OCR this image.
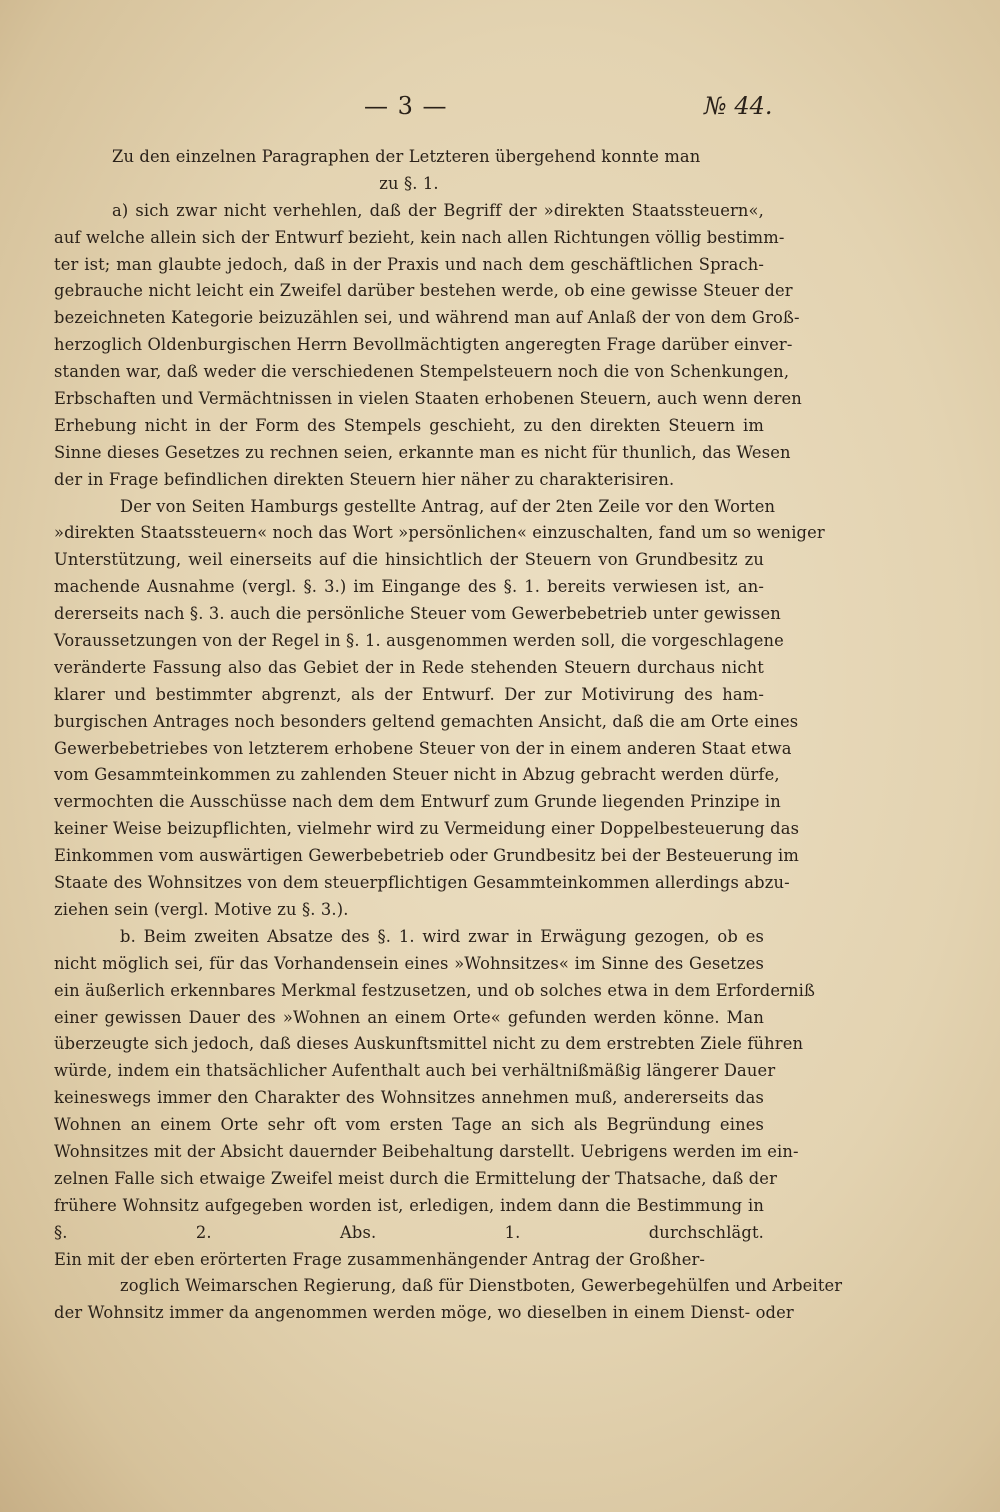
— 3 —	№ 44.
Zu den einzelnen Paragraphen der Letzteren übergehend konnte man
zu §. 1.
a) sich zwar nicht verhehlen, daß der Begriff der »direkten Staatssteuern«,
auf welche allein sich der Entwurf bezieht, kein nach allen Richtungen völlig bestimm-
ter ist; man glaubte jedoch, daß in der Praxis und nach dem geschäftlichen Sprach-
gebrauche nicht leicht ein Zweifel darüber bestehen werde, ob eine gewisse Steuer der
bezeichneten Kategorie beizuzählen sei, und während man auf Anlaß der von dem Groß-
herzoglich Oldenburgischen Herrn Bevollmächtigten angeregten Frage darüber einver-
standen war, daß weder die verschiedenen Stempelsteuern noch die von Schenkungen,
Erbschaften und Vermächtnissen in vielen Staaten erhobenen Steuern, auch wenn deren
Erhebung nicht in der Form des Stempels geschieht, zu den direkten Steuern im
Sinne dieses Gesetzes zu rechnen seien, erkannte man es nicht für thunlich, das Wesen
der in Frage befindlichen direkten Steuern hier näher zu charakterisiren.
Der von Seiten Hamburgs gestellte Antrag, auf der 2ten Zeile vor den Worten
»direkten Staatssteuern« noch das Wort »persönlichen« einzuschalten, fand um so weniger
Unterstützung, weil einerseits auf die hinsichtlich der Steuern von Grundbesitz zu
machende Ausnahme (vergl. §. 3.) im Eingange des §. 1. bereits verwiesen ist, an-
dererseits nach §. 3. auch die persönliche Steuer vom Gewerbebetrieb unter gewissen
Voraussetzungen von der Regel in §. 1. ausgenommen werden soll, die vorgeschlagene
veränderte Fassung also das Gebiet der in Rede stehenden Steuern durchaus nicht
klarer und bestimmter abgrenzt, als der Entwurf. Der zur Motivirung des ham-
burgischen Antrages noch besonders geltend gemachten Ansicht, daß die am Orte eines
Gewerbebetriebes von letzterem erhobene Steuer von der in einem anderen Staat etwa
vom Gesammteinkommen zu zahlenden Steuer nicht in Abzug gebracht werden dürfe,
vermochten die Ausschüsse nach dem dem Entwurf zum Grunde liegenden Prinzipe in
keiner Weise beizupflichten, vielmehr wird zu Vermeidung einer Doppelbesteuerung das
Einkommen vom auswärtigen Gewerbebetrieb oder Grundbesitz bei der Besteuerung im
Staate des Wohnsitzes von dem steuerpflichtigen Gesammteinkommen allerdings abzu-
ziehen sein (vergl. Motive zu §. 3.).
b. Beim zweiten Absatze des §. 1. wird zwar in Erwägung gezogen, ob es
nicht möglich sei, für das Vorhandensein eines »Wohnsitzes« im Sinne des Gesetzes
ein äußerlich erkennbares Merkmal festzusetzen, und ob solches etwa in dem Erforderniß
einer gewissen Dauer des »Wohnen an einem Orte« gefunden werden könne. Man
überzeugte sich jedoch, daß dieses Auskunftsmittel nicht zu dem erstrebten Ziele führen
würde, indem ein thatsächlicher Aufenthalt auch bei verhältnißmäßig längerer Dauer
keineswegs immer den Charakter des Wohnsitzes annehmen muß, andererseits das
Wohnen an einem Orte sehr oft vom ersten Tage an sich als Begründung eines
Wohnsitzes mit der Absicht dauernder Beibehaltung darstellt. Uebrigens werden im ein-
zelnen Falle sich etwaige Zweifel meist durch die Ermittelung der Thatsache, daß der
frühere Wohnsitz aufgegeben worden ist, erledigen, indem dann die Bestimmung in
§. 2. Abs. 1. durchschlägt.
Ein mit der eben erörterten Frage zusammenhängender Antrag der Großher-
zoglich Weimarschen Regierung, daß für Dienstboten, Gewerbegehülfen und Arbeiter
der Wohnsitz immer da angenommen werden möge, wo dieselben in einem Dienst- oder
